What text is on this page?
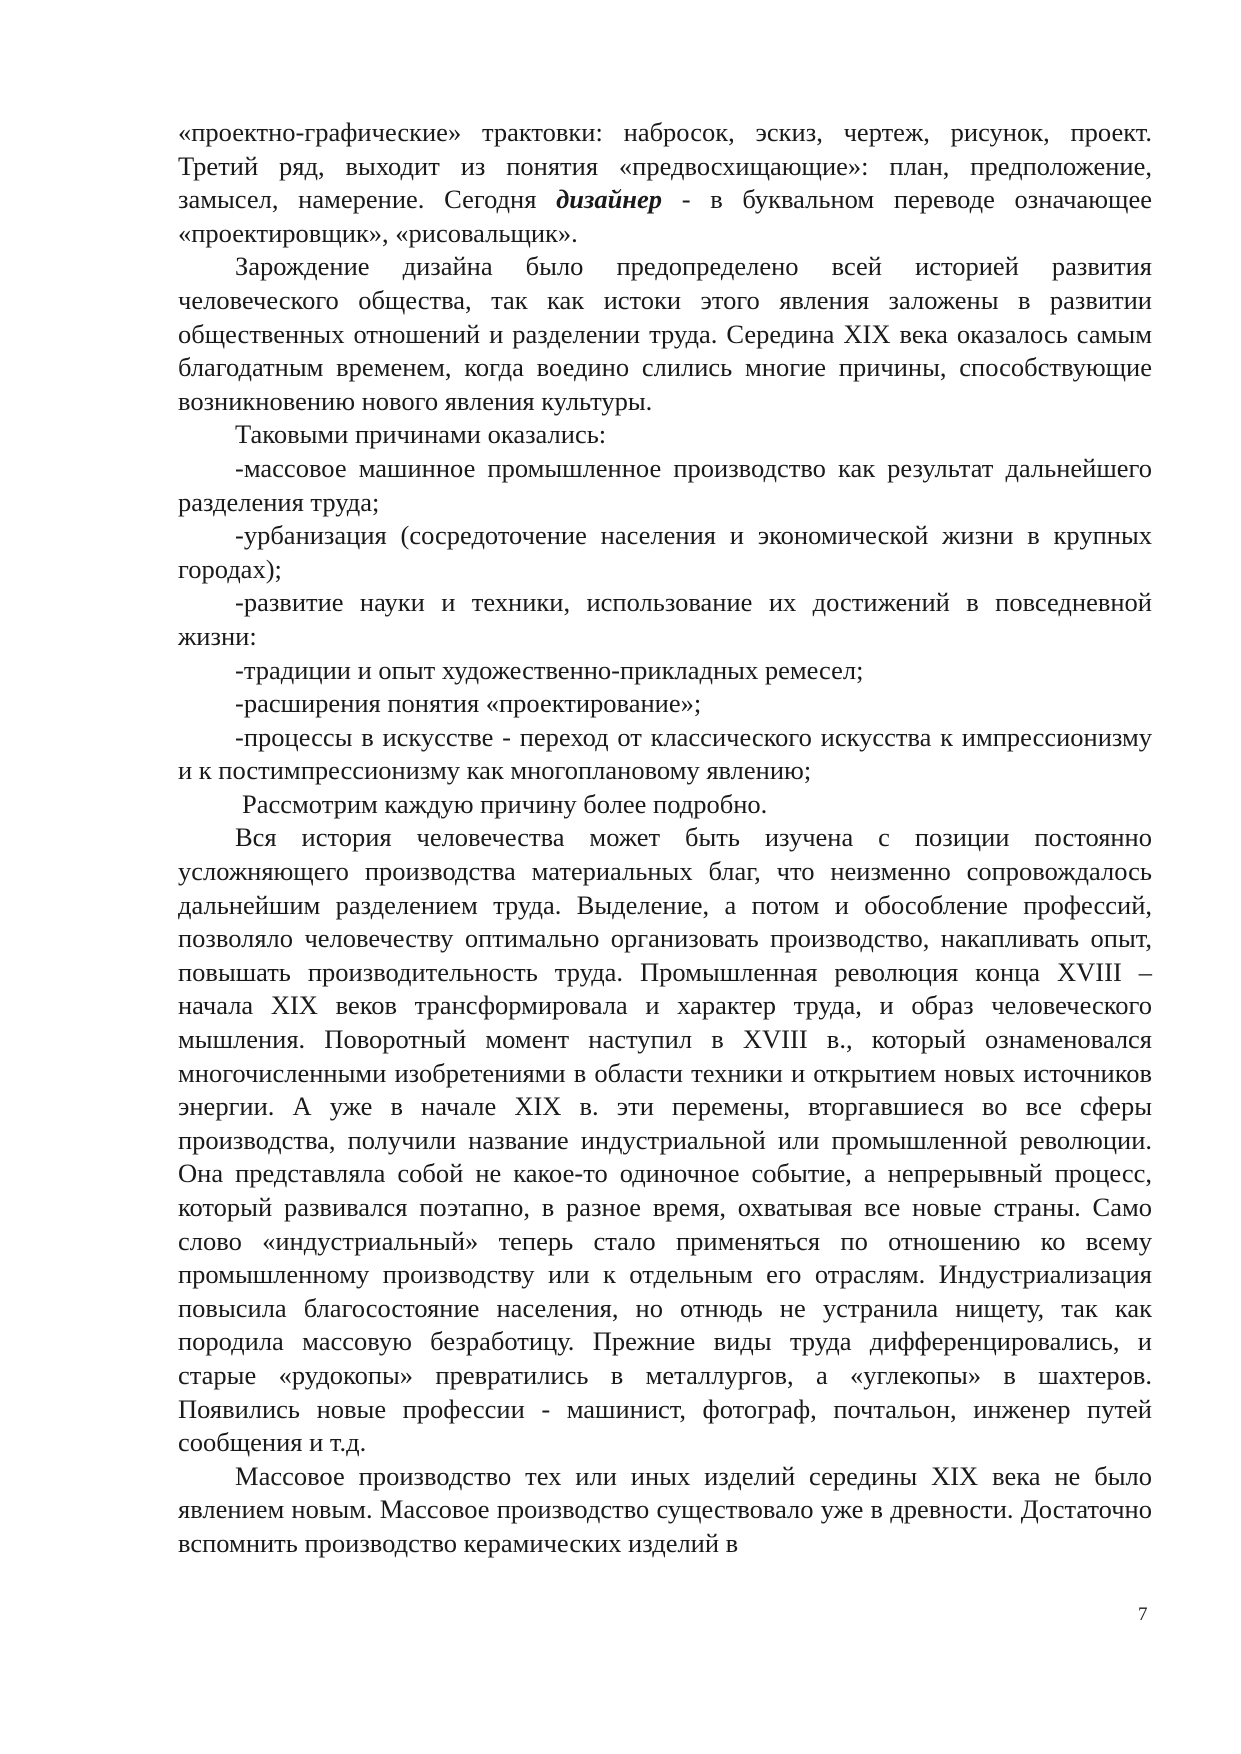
«проектно-графические» трактовки: набросок, эскиз, чертеж, рисунок, проект. Третий ряд, выходит из понятия «предвосхищающие»: план, предположение, замысел, намерение. Сегодня дизайнер - в буквальном переводе означающее «проектировщик», «рисовальщик».

Зарождение дизайна было предопределено всей историей развития человеческого общества, так как истоки этого явления заложены в развитии общественных отношений и разделении труда. Середина XIX века оказалось самым благодатным временем, когда воедино слились многие причины, способствующие возникновению нового явления культуры.

Таковыми причинами оказались:

-массовое машинное промышленное производство как результат дальнейшего разделения труда;

-урбанизация (сосредоточение населения и экономической жизни в крупных городах);

-развитие науки и техники, использование их достижений в повседневной жизни:

-традиции и опыт художественно-прикладных ремесел;

-расширения понятия «проектирование»;

-процессы в искусстве - переход от классического искусства к импрессионизму и к постимпрессионизму как многоплановому явлению;

Рассмотрим каждую причину более подробно.

Вся история человечества может быть изучена с позиции постоянно усложняющего производства материальных благ, что неизменно сопровождалось дальнейшим разделением труда. Выделение, а потом и обособление профессий, позволяло человечеству оптимально организовать производство, накапливать опыт, повышать производительность труда. Промышленная революция конца XVIII – начала XIX веков трансформировала и характер труда, и образ человеческого мышления. Поворотный момент наступил в XVIII в., который ознаменовался многочисленными изобретениями в области техники и открытием новых источников энергии. А уже в начале XIX в. эти перемены, вторгавшиеся во все сферы производства, получили название индустриальной или промышленной революции. Она представляла собой не какое-то одиночное событие, а непрерывный процесс, который развивался поэтапно, в разное время, охватывая все новые страны. Само слово «индустриальный» теперь стало применяться по отношению ко всему промышленному производству или к отдельным его отраслям. Индустриализация повысила благосостояние населения, но отнюдь не устранила нищету, так как породила массовую безработицу. Прежние виды труда дифференцировались, и старые «рудокопы» превратились в металлургов, а «углекопы» в шахтеров. Появились новые профессии - машинист, фотограф, почтальон, инженер путей сообщения и т.д.

Массовое производство тех или иных изделий середины XIX века не было явлением новым. Массовое производство существовало уже в древности. Достаточно вспомнить производство керамических изделий в

7
